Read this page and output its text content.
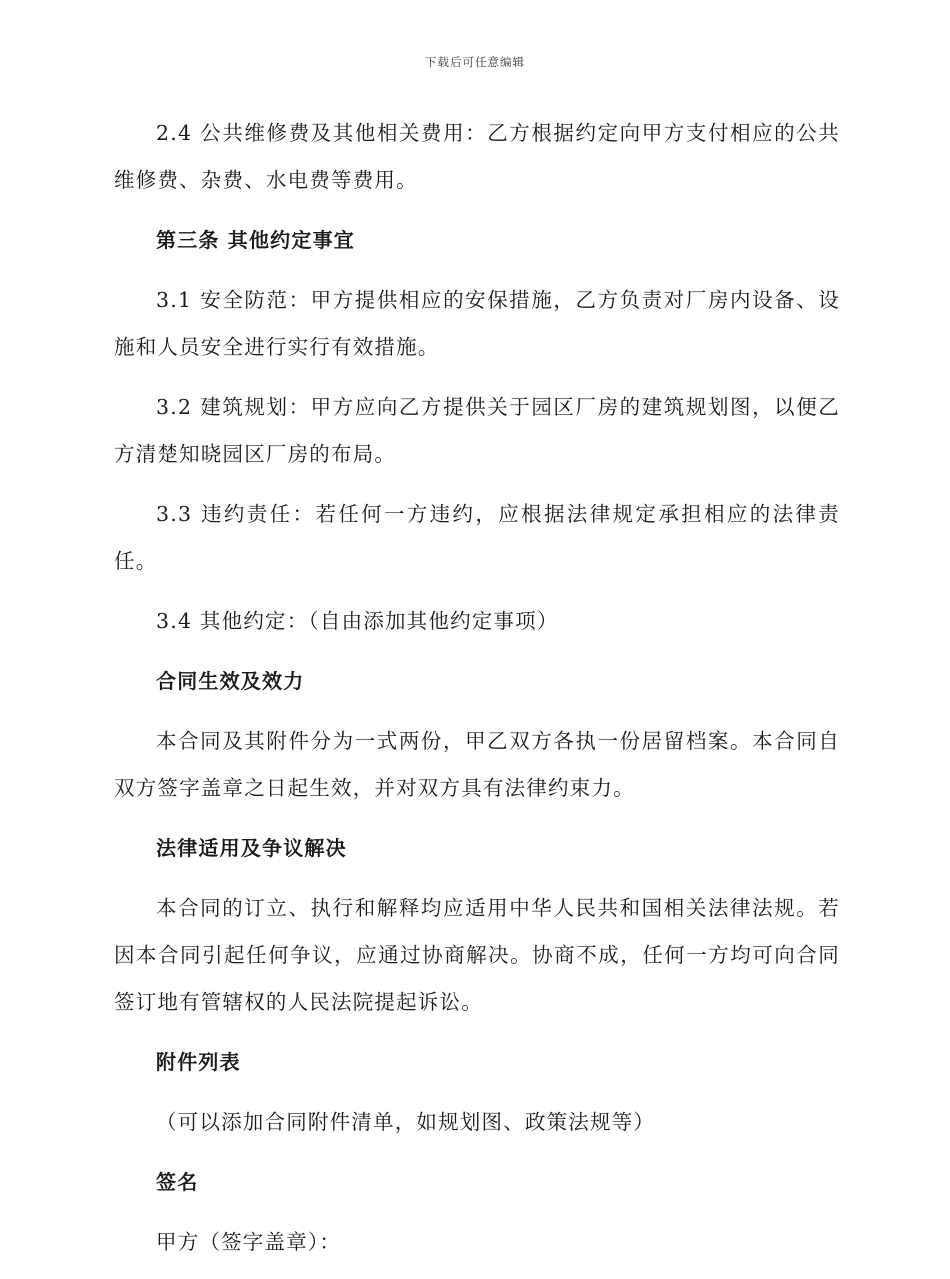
下载后可任意编辑

2.4 公共维修费及其他相关费用：乙方根据约定向甲方支付相应的公共维修费、杂费、水电费等费用。

第三条 其他约定事宜

3.1 安全防范：甲方提供相应的安保措施，乙方负责对厂房内设备、设施和人员安全进行实行有效措施。

3.2 建筑规划：甲方应向乙方提供关于园区厂房的建筑规划图，以便乙方清楚知晓园区厂房的布局。

3.3 违约责任：若任何一方违约，应根据法律规定承担相应的法律责任。

3.4 其他约定：（自由添加其他约定事项）

合同生效及效力

本合同及其附件分为一式两份，甲乙双方各执一份居留档案。本合同自双方签字盖章之日起生效，并对双方具有法律约束力。

法律适用及争议解决

本合同的订立、执行和解释均应适用中华人民共和国相关法律法规。若因本合同引起任何争议，应通过协商解决。协商不成，任何一方均可向合同签订地有管辖权的人民法院提起诉讼。

附件列表

（可以添加合同附件清单，如规划图、政策法规等）

签名

甲方（签字盖章）：
